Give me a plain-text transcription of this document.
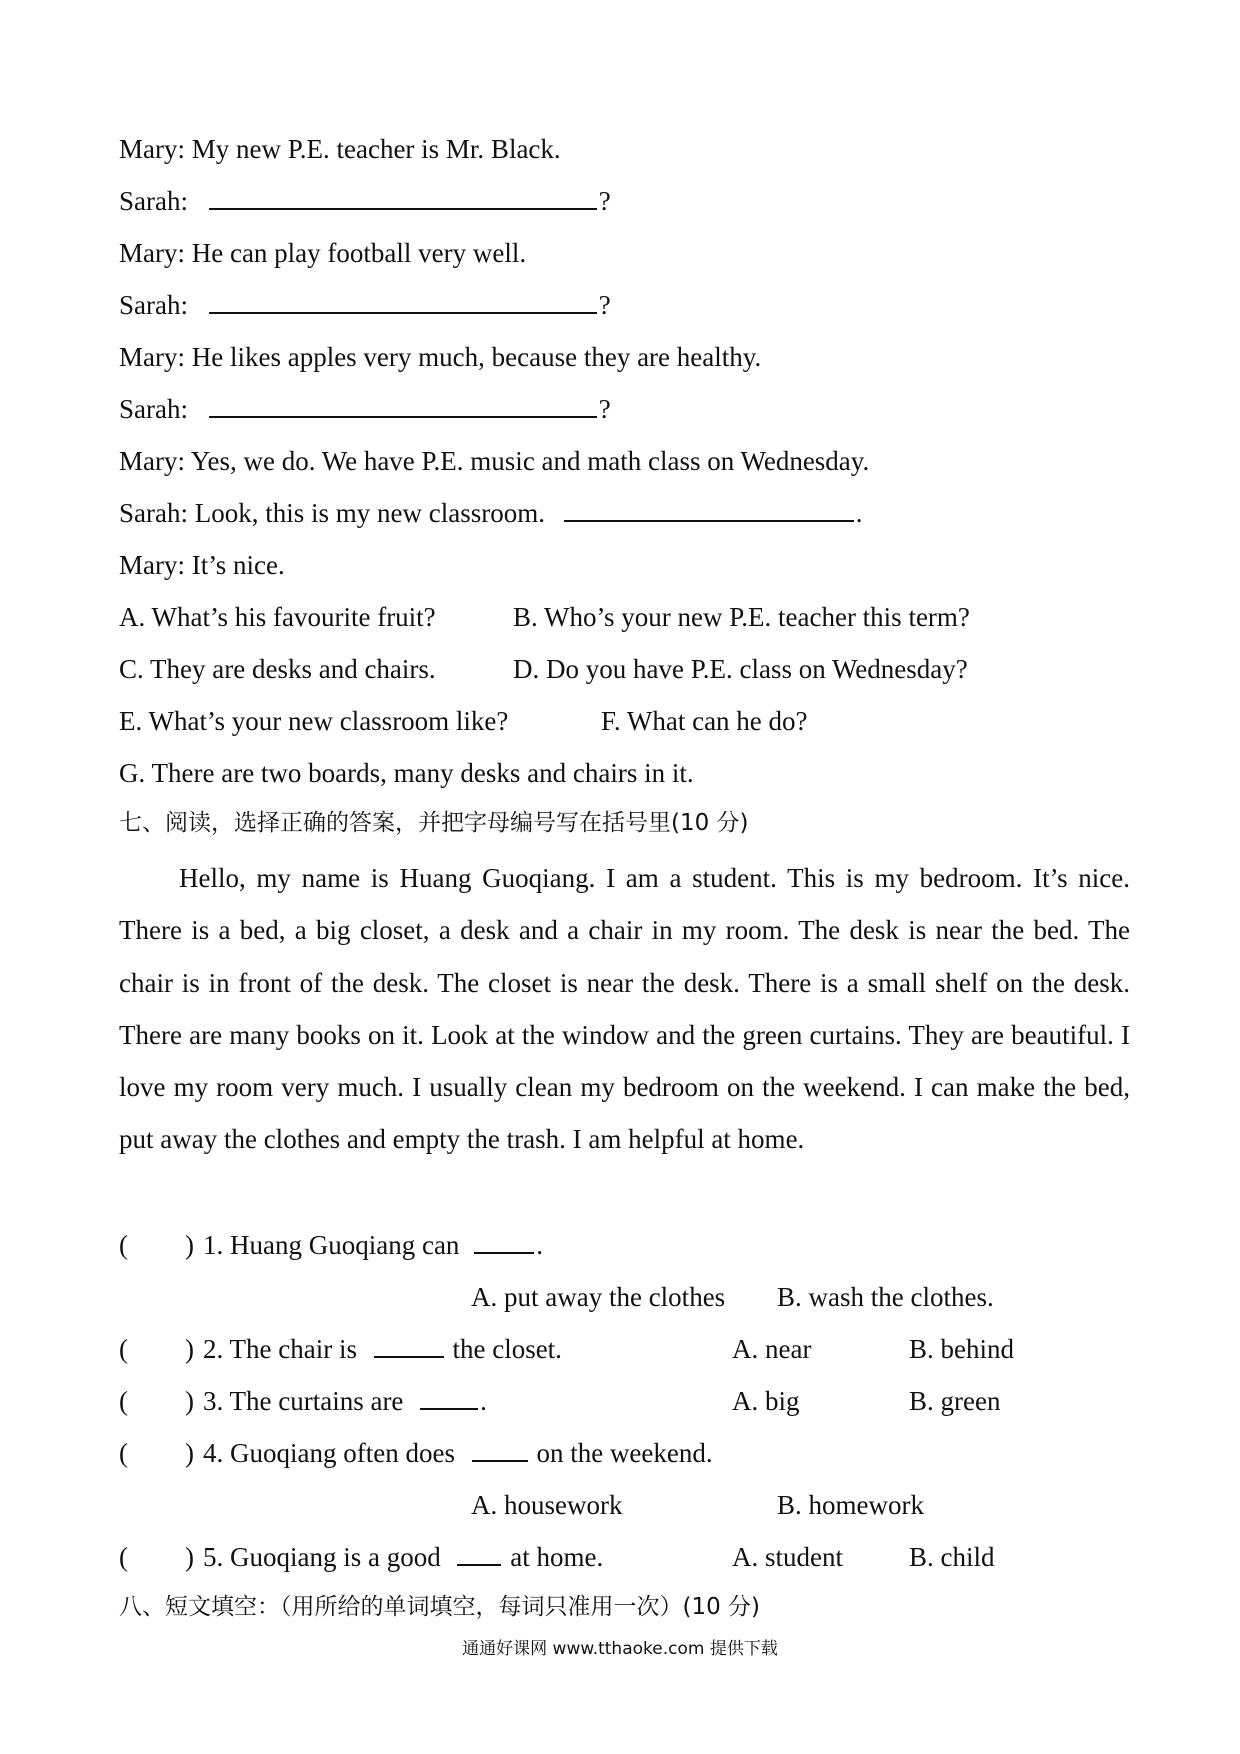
Mary: My new P.E. teacher is Mr. Black.
Sarah:	?
Mary: He can play football very well.
Sarah:	?
Mary: He likes apples very much, because they are healthy.
Sarah:	?
Mary: Yes, we do. We have P.E. music and math class on Wednesday.
Sarah: Look, this is my new classroom.	.
Mary: It’s nice.
A. What’s his favourite fruit?	B. Who’s your new P.E. teacher this term?
C. They are desks and chairs.	D. Do you have P.E. class on Wednesday?
E. What’s your new classroom like?	F. What can he do?
G. There are two boards, many desks and chairs in it.
七、阅读，选择正确的答案，并把字母编号写在括号里(10 分)

Hello, my name is Huang Guoqiang. I am a student. This is my bedroom. It’s nice. There is a bed, a big closet, a desk and a chair in my room. The desk is near the bed. The chair is in front of the desk. The closet is near the desk. There is a small shelf on the desk. There are many books on it. Look at the window and the green curtains. They are beautiful. I love my room very much. I usually clean my bedroom on the weekend. I can make the bed, put away the clothes and empty the trash. I am helpful at home.

( ) 1. Huang Guoqiang can	.
A. put away the clothes B. wash the clothes.
( ) 2. The chair is	the closet.	A. near	B. behind
( ) 3. The curtains are	.	A. big	B. green
( ) 4. Guoqiang often does	on the weekend.
A. housework	B. homework
( ) 5. Guoqiang is a good  at home.	A. student B. child
八、短文填空：（用所给的单词填空，每词只准用一次）(10 分)
通通好课网 www.tthaoke.com 提供下载
